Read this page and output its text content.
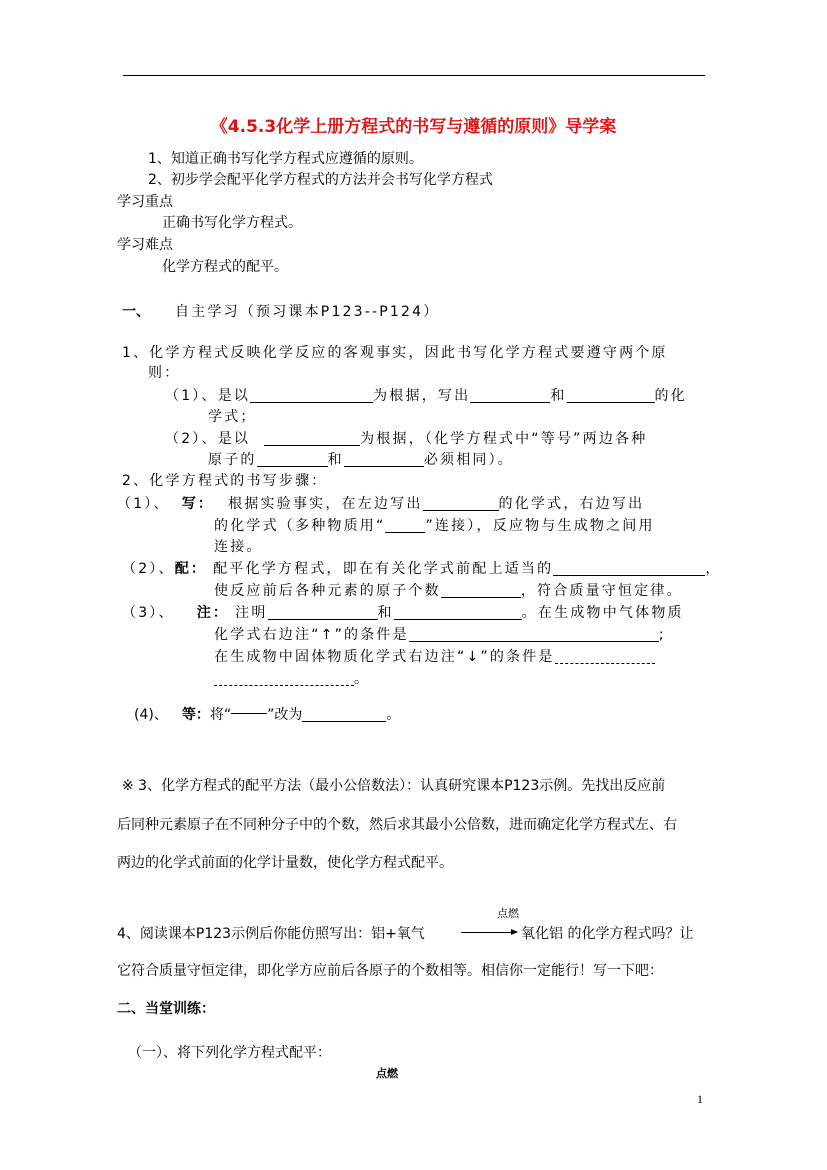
《4.5.3化学上册方程式的书写与遵循的原则》导学案
1、知道正确书写化学方程式应遵循的原则。
2、初步学会配平化学方程式的方法并会书写化学方程式
学习重点
正确书写化学方程式。
学习难点
化学方程式的配平。
一、 自主学习（预习课本P123--P124）
1、化学方程式反映化学反应的客观事实，因此书写化学方程式要遵守两个原
则：
（1）、是以	为根据，写出	和	的化
学式；
（2）、是以	为根据，（化学方程式中“等号”两边各种
原子的	和	必须相同）。
2、化学方程式的书写步骤：
（1）、 写： 根据实验事实，在左边写出	的化学式，右边写出
的化学式（多种物质用“	”连接），反应物与生成物之间用
连接。
（2）、配： 配平化学方程式，即在有关化学式前配上适当的	，
使反应前后各种元素的原子个数	，符合质量守恒定律。
（3）、 注： 注明	和	。在生成物中气体物质
化学式右边注“↑”的条件是	;
在生成物中固体物质化学式右边注“↓”的条件是
。
(4)、 等：将“	”改为	。
※ 3、化学方程式的配平方法（最小公倍数法）：认真研究课本P123示例。先找出反应前
后同种元素原子在不同种分子中的个数，然后求其最小公倍数，进而确定化学方程式左、右
两边的化学式前面的化学计量数，使化学方程式配平。
点燃
4、阅读课本P123示例后你能仿照写出：铝+氧气	氧化铝 的化学方程式吗？让
它符合质量守恒定律，即化学方应前后各原子的个数相等。相信你一定能行！写一下吧：
二、当堂训练：
（一）、将下列化学方程式配平：
点燃
1
